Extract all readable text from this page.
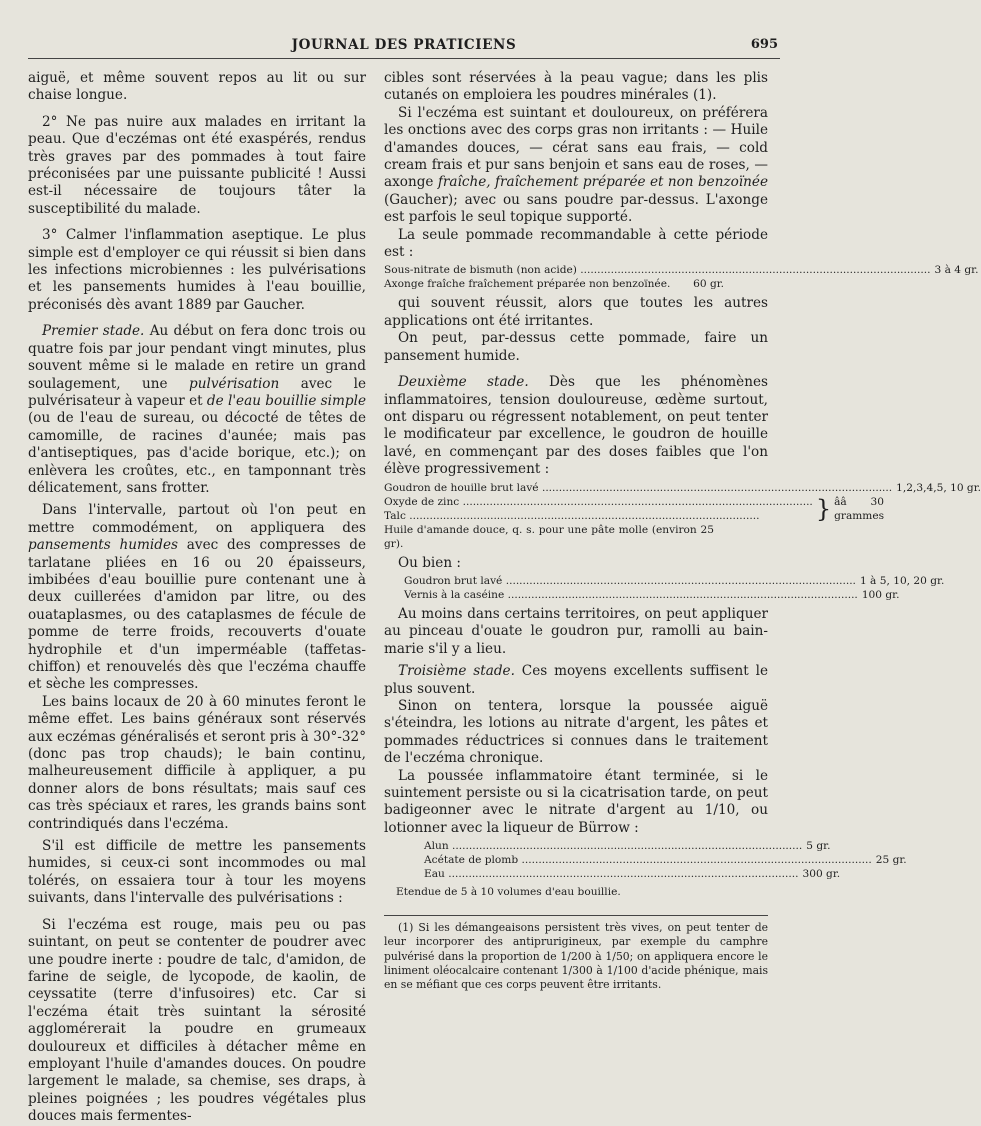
JOURNAL DES PRATICIENS	695

aiguë, et même souvent repos au lit ou sur chaise longue.

2° Ne pas nuire aux malades en irritant la peau. Que d'eczémas ont été exaspérés, rendus très graves par des pommades à tout faire préconisées par une puissante publicité ! Aussi est-il nécessaire de toujours tâter la susceptibilité du malade.

3° Calmer l'inflammation aseptique. Le plus simple est d'employer ce qui réussit si bien dans les infections microbiennes : les pulvérisations et les pansements humides à l'eau bouillie, préconisés dès avant 1889 par Gaucher.

Premier stade. Au début on fera donc trois ou quatre fois par jour pendant vingt minutes, plus souvent même si le malade en retire un grand soulagement, une pulvérisation avec le pulvérisateur à vapeur et de l'eau bouillie simple (ou de l'eau de sureau, ou décocté de têtes de camomille, de racines d'aunée; mais pas d'antiseptiques, pas d'acide borique, etc.); on enlèvera les croûtes, etc., en tamponnant très délicatement, sans frotter.

Dans l'intervalle, partout où l'on peut en mettre commodément, on appliquera des pansements humides avec des compresses de tarlatane pliées en 16 ou 20 épaisseurs, imbibées d'eau bouillie pure contenant une à deux cuillerées d'amidon par litre, ou des ouataplasmes, ou des cataplasmes de fécule de pomme de terre froids, recouverts d'ouate hydrophile et d'un imperméable (taffetas-chiffon) et renouvelés dès que l'eczéma chauffe et sèche les compresses.

Les bains locaux de 20 à 60 minutes feront le même effet. Les bains généraux sont réservés aux eczémas généralisés et seront pris à 30°-32° (donc pas trop chauds); le bain continu, malheureusement difficile à appliquer, a pu donner alors de bons résultats; mais sauf ces cas très spéciaux et rares, les grands bains sont contrindiqués dans l'eczéma.

S'il est difficile de mettre les pansements humides, si ceux-ci sont incommodes ou mal tolérés, on essaiera tour à tour les moyens suivants, dans l'intervalle des pulvérisations :

Si l'eczéma est rouge, mais peu ou pas suintant, on peut se contenter de poudrer avec une poudre inerte : poudre de talc, d'amidon, de farine de seigle, de lycopode, de kaolin, de ceyssatite (terre d'infusoires) etc. Car si l'eczéma était très suintant la sérosité agglomérerait la poudre en grumeaux douloureux et difficiles à détacher même en employant l'huile d'amandes douces. On poudre largement le malade, sa chemise, ses draps, à pleines poignées ; les poudres végétales plus douces mais fermentes-

cibles sont réservées à la peau vague; dans les plis cutanés on emploiera les poudres minérales (1).

Si l'eczéma est suintant et douloureux, on préférera les onctions avec des corps gras non irritants : — Huile d'amandes douces, — cérat sans eau frais, — cold cream frais et pur sans benjoin et sans eau de roses, — axonge fraîche, fraîchement préparée et non benzoïnée (Gaucher); avec ou sans poudre par-dessus. L'axonge est parfois le seul topique supporté.

La seule pommade recommandable à cette période est :

Sous-nitrate de bismuth (non acide) .....	3 à 4 gr.
Axonge fraîche fraîchement préparée non benzoïnée.	60 gr.

qui souvent réussit, alors que toutes les autres applications ont été irritantes.

On peut, par-dessus cette pommade, faire un pansement humide.

Deuxième stade. Dès que les phénomènes inflammatoires, tension douloureuse, œdème surtout, ont disparu ou régressent notablement, on peut tenter le modificateur par excellence, le goudron de houille lavé, en commençant par des doses faibles que l'on élève progressivement :

Goudron de houille brut lavé .....	1,2,3,4,5, 10 gr.
Oxyde de zinc .....
Talc .....	} ââ 30 grammes
Huile d'amande douce, q. s. pour une pâte molle (environ 25 gr).

Ou bien :

Goudron brut lavé .....	1 à 5, 10, 20 gr.
Vernis à la caséine .....	100 gr.

Au moins dans certains territoires, on peut appliquer au pinceau d'ouate le goudron pur, ramolli au bain-marie s'il y a lieu.

Troisième stade. Ces moyens excellents suffisent le plus souvent.

Sinon on tentera, lorsque la poussée aiguë s'éteindra, les lotions au nitrate d'argent, les pâtes et pommades réductrices si connues dans le traitement de l'eczéma chronique.

La poussée inflammatoire étant terminée, si le suintement persiste ou si la cicatrisation tarde, on peut badigeonner avec le nitrate d'argent au 1/10, ou lotionner avec la liqueur de Bürrow :

Alun .....	5 gr.
Acétate de plomb .....	25 gr.
Eau .....	300 gr.
Etendue de 5 à 10 volumes d'eau bouillie.

(1) Si les démangeaisons persistent très vives, on peut tenter de leur incorporer des antiprurigineux, par exemple du camphre pulvérisé dans la proportion de 1/200 à 1/50; on appliquera encore le liniment oléocalcaire contenant 1/300 à 1/100 d'acide phénique, mais en se méfiant que ces corps peuvent être irritants.
